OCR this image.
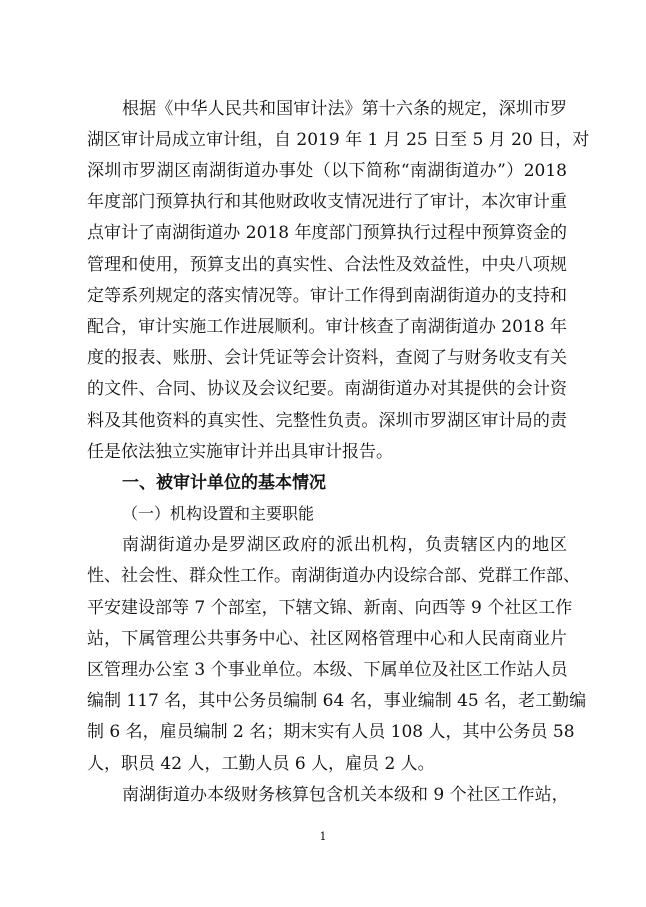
根据《中华人民共和国审计法》第十六条的规定，深圳市罗
湖区审计局成立审计组，自 2019 年 1 月 25 日至 5 月 20 日，对
深圳市罗湖区南湖街道办事处（以下简称“南湖街道办”）2018
年度部门预算执行和其他财政收支情况进行了审计，本次审计重
点审计了南湖街道办 2018 年度部门预算执行过程中预算资金的
管理和使用，预算支出的真实性、合法性及效益性，中央八项规
定等系列规定的落实情况等。审计工作得到南湖街道办的支持和
配合，审计实施工作进展顺利。审计核查了南湖街道办 2018 年
度的报表、账册、会计凭证等会计资料，查阅了与财务收支有关
的文件、合同、协议及会议纪要。南湖街道办对其提供的会计资
料及其他资料的真实性、完整性负责。深圳市罗湖区审计局的责
任是依法独立实施审计并出具审计报告。
一、被审计单位的基本情况
（一）机构设置和主要职能
南湖街道办是罗湖区政府的派出机构，负责辖区内的地区
性、社会性、群众性工作。南湖街道办内设综合部、党群工作部、
平安建设部等 7 个部室，下辖文锦、新南、向西等 9 个社区工作
站，下属管理公共事务中心、社区网格管理中心和人民南商业片
区管理办公室 3 个事业单位。本级、下属单位及社区工作站人员
编制 117 名，其中公务员编制 64 名，事业编制 45 名，老工勤编
制 6 名，雇员编制 2 名；期末实有人员 108 人，其中公务员 58
人，职员 42 人，工勤人员 6 人，雇员 2 人。
南湖街道办本级财务核算包含机关本级和 9 个社区工作站，
1
